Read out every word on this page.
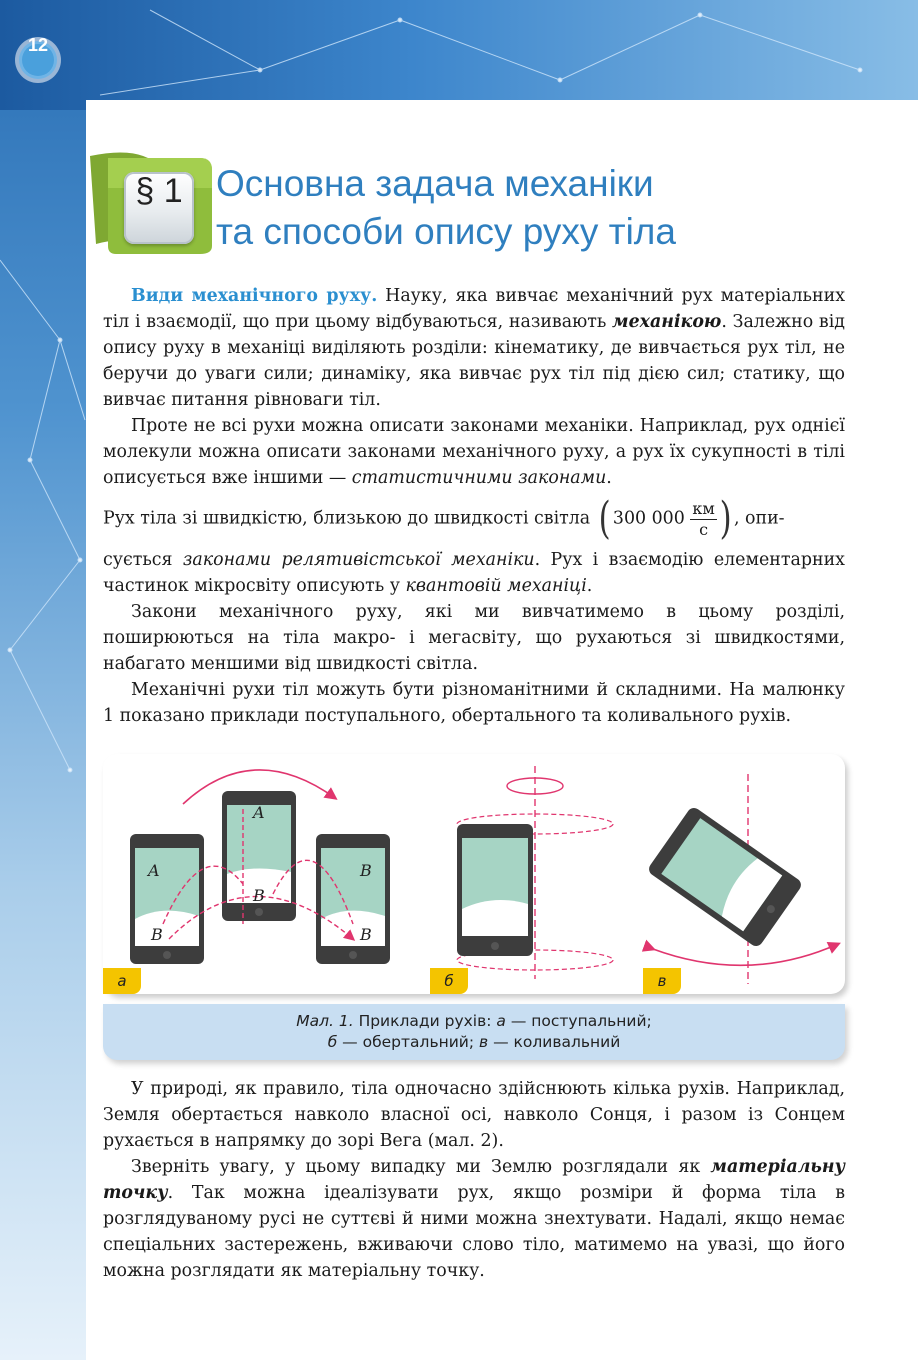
12
§ 1 Основна задача механіки
та способи опису руху тіла

Види механічного руху. Науку, яка вивчає механічний рух матеріальних тіл і взаємодії, що при цьому відбуваються, називають механікою. Залежно від опису руху в механіці виділяють розділи: кінематику, де вивчається рух тіл, не беручи до уваги сили; динаміку, яка вивчає рух тіл під дією сил; статику, що вивчає питання рівноваги тіл.

Проте не всі рухи можна описати законами механіки. Наприклад, рух однієї молекули можна описати законами механічного руху, а рух їх сукупності в тілі описується вже іншими — статистичними законами.

Рух тіла зі швидкістю, близькою до швидкості світла ( 300 $000 \frac{км}{с}$ ) , опи-

сується законами релятивістської механіки. Рух і взаємодію елементарних частинок мікросвіту описують у квантовій механіці.

Закони механічного руху, які ми вивчатимемо в цьому розділі, поширюються на тіла макро- і мегасвіту, що рухаються зі швидкостями, набагато меншими від швидкості світла.

Механічні рухи тіл можуть бути різноманітними й складними. На малюнку 1 показано приклади поступального, обертального та коливального рухів.

A
B
A
B
B
B
а	б	в
Мал. 1. Приклади рухів: а — поступальний;
б — обертальний; в — коливальний

У природі, як правило, тіла одночасно здійснюють кілька рухів. Наприклад, Земля обертається навколо власної осі, навколо Сонця, і разом із Сонцем рухається в напрямку до зорі Вега (мал. 2).

Зверніть увагу, у цьому випадку ми Землю розглядали як матеріальну точку. Так можна ідеалізувати рух, якщо розміри й форма тіла в розглядуваному русі не суттєві й ними можна знехтувати. Надалі, якщо немає спеціальних застережень, вживаючи слово тіло, матимемо на увазі, що його можна розглядати як матеріальну точку.
